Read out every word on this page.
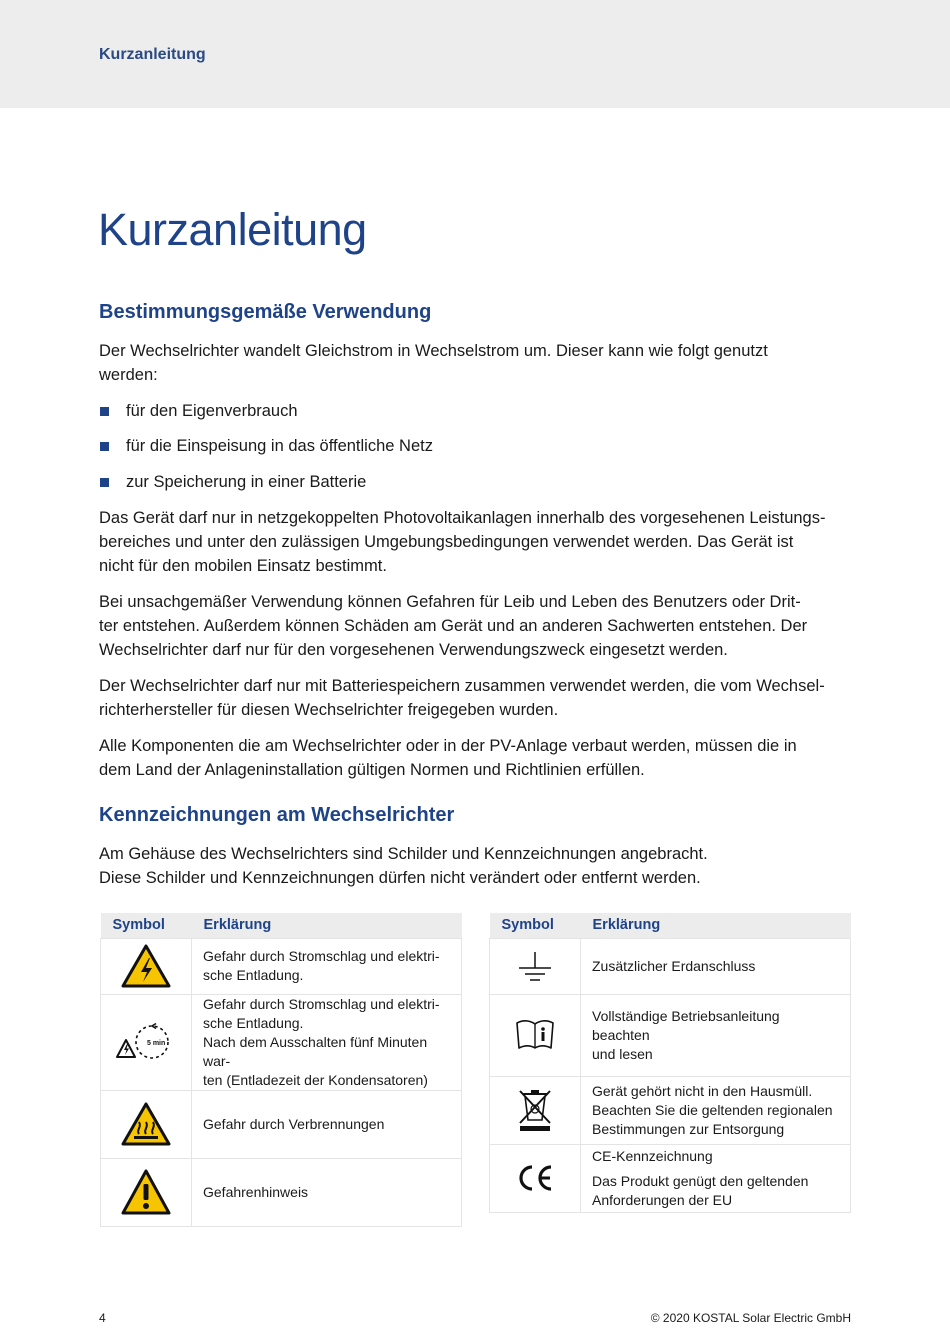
Kurzanleitung
Kurzanleitung
Bestimmungsgemäße Verwendung
Der Wechselrichter wandelt Gleichstrom in Wechselstrom um. Dieser kann wie folgt genutzt
werden:
für den Eigenverbrauch
für die Einspeisung in das öffentliche Netz
zur Speicherung in einer Batterie
Das Gerät darf nur in netzgekoppelten Photovoltaikanlagen innerhalb des vorgesehenen Leistungs-
bereiches und unter den zulässigen Umgebungsbedingungen verwendet werden. Das Gerät ist
nicht für den mobilen Einsatz bestimmt.
Bei unsachgemäßer Verwendung können Gefahren für Leib und Leben des Benutzers oder Drit-
ter entstehen. Außerdem können Schäden am Gerät und an anderen Sachwerten entstehen. Der
Wechselrichter darf nur für den vorgesehenen Verwendungszweck eingesetzt werden.
Der Wechselrichter darf nur mit Batteriespeichern zusammen verwendet werden, die vom Wechsel-
richterhersteller für diesen Wechselrichter freigegeben wurden.
Alle Komponenten die am Wechselrichter oder in der PV-Anlage verbaut werden, müssen die in
dem Land der Anlageninstallation gültigen Normen und Richtlinien erfüllen.
Kennzeichnungen am Wechselrichter
Am Gehäuse des Wechselrichters sind Schilder und Kennzeichnungen angebracht.
Diese Schilder und Kennzeichnungen dürfen nicht verändert oder entfernt werden.
Symbol	Erklärung

Gefahr durch Stromschlag und elektri-
sche Entladung.

5 min	Gefahr durch Stromschlag und elektri-
sche Entladung.
Nach dem Ausschalten fünf Minuten war-
ten (Entladezeit der Kondensatoren)

Gefahr durch Verbrennungen

Gefahrenhinweis
Symbol	Erklärung

Zusätzlicher Erdanschluss

Vollständige Betriebsanleitung beachten
und lesen

Gerät gehört nicht in den Hausmüll.
Beachten Sie die geltenden regionalen
Bestimmungen zur Entsorgung

CE-Kennzeichnung
Das Produkt genügt den geltenden
Anforderungen der EU
4	© 2020 KOSTAL Solar Electric GmbH
